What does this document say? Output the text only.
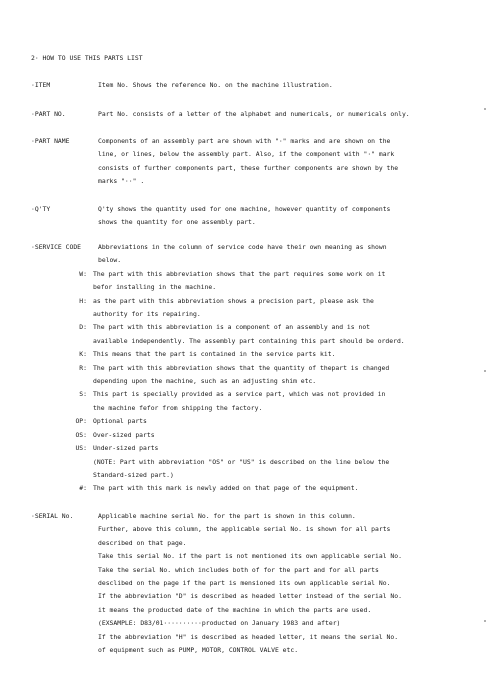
2· HOW TO USE THIS PARTS LIST
·ITEM	Item No. Shows the reference No. on the machine illustration.
·PART NO.	Part No. consists of a letter of the alphabet and numericals, or numericals only.
·PART NAME	Components of an assembly part are shown with "·" marks and are shown on the
line, or lines, below the assembly part. Also, if the component with "·" mark
consists of further components part, these further components are shown by the
marks "··" .
·Q'TY	Q'ty shows the quantity used for one machine, however quantity of components
shows the quantity for one assembly part.
·SERVICE CODE	Abbreviations in the column of service code have their own meaning as shown
below.
W: The part with this abbreviation shows that the part requires some work on it
befor installing in the machine.
H: as the part with this abbreviation shows a precision part, please ask the
authority for its repairing.
D: The part with this abbreviation is a component of an assembly and is not
available independently. The assembly part containing this part should be orderd.
K: This means that the part is contained in the service parts kit.
R: The part with this abbreviation shows that the quantity of thepart is changed
depending upon the machine, such as an adjusting shim etc.
S: This part is specially provided as a service part, which was not provided in
the machine fefor from shipping the factory.
OP: Optional parts
OS: Over-sized parts
US: Under-sized parts
(NOTE: Part with abbreviation "OS" or "US" is described on the line below the
Standard-sized part.)
#: The part with this mark is newly added on that page of the equipment.
·SERIAL No.	Applicable machine serial No. for the part is shown in this column.
Further, above this column, the applicable serial No. is shown for all parts
described on that page.
Take this serial No. if the part is not mentioned its own applicable serial No.
Take the serial No. which includes both of for the part and for all parts
desclibed on the page if the part is mensioned its own applicable serial No.
If the abbreviation "D" is described as headed letter instead of the serial No.
it means the producted date of the machine in which the parts are used.
(EXSAMPLE: D83/01··········producted on January 1983 and after)
If the abbreviation "H" is described as headed letter, it means the serial No.
of equipment such as PUMP, MOTOR, CONTROL VALVE etc.
